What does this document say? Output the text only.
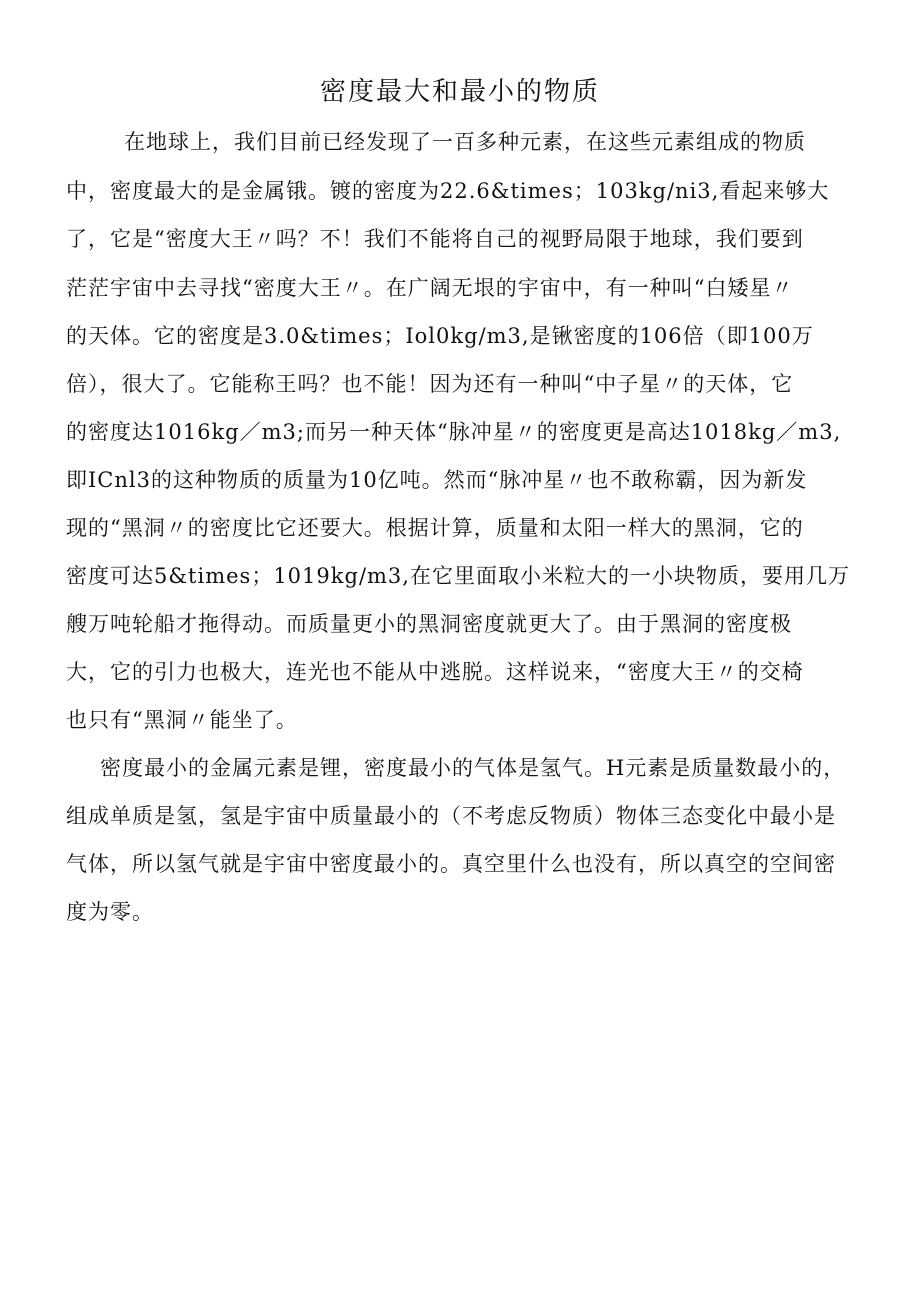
密度最大和最小的物质
在地球上，我们目前已经发现了一百多种元素，在这些元素组成的物质
中，密度最大的是金属锇。镀的密度为22.6&times；103kg/ni3,看起来够大
了，它是“密度大王〃吗？不！我们不能将自己的视野局限于地球，我们要到
茫茫宇宙中去寻找“密度大王〃。在广阔无垠的宇宙中，有一种叫“白矮星〃
的天体。它的密度是3.0&times；Iol0kg/m3,是锹密度的106倍（即100万
倍），很大了。它能称王吗？也不能！因为还有一种叫“中子星〃的天体，它
的密度达1016kg／m3;而另一种天体“脉冲星〃的密度更是高达1018kg／m3,
即ICnl3的这种物质的质量为10亿吨。然而“脉冲星〃也不敢称霸，因为新发
现的“黑洞〃的密度比它还要大。根据计算，质量和太阳一样大的黑洞，它的
密度可达5&times；1019kg/m3,在它里面取小米粒大的一小块物质，要用几万
艘万吨轮船才拖得动。而质量更小的黑洞密度就更大了。由于黑洞的密度极
大，它的引力也极大，连光也不能从中逃脱。这样说来，“密度大王〃的交椅
也只有“黑洞〃能坐了。
密度最小的金属元素是锂，密度最小的气体是氢气。H元素是质量数最小的，
组成单质是氢，氢是宇宙中质量最小的（不考虑反物质）物体三态变化中最小是
气体，所以氢气就是宇宙中密度最小的。真空里什么也没有，所以真空的空间密
度为零。
